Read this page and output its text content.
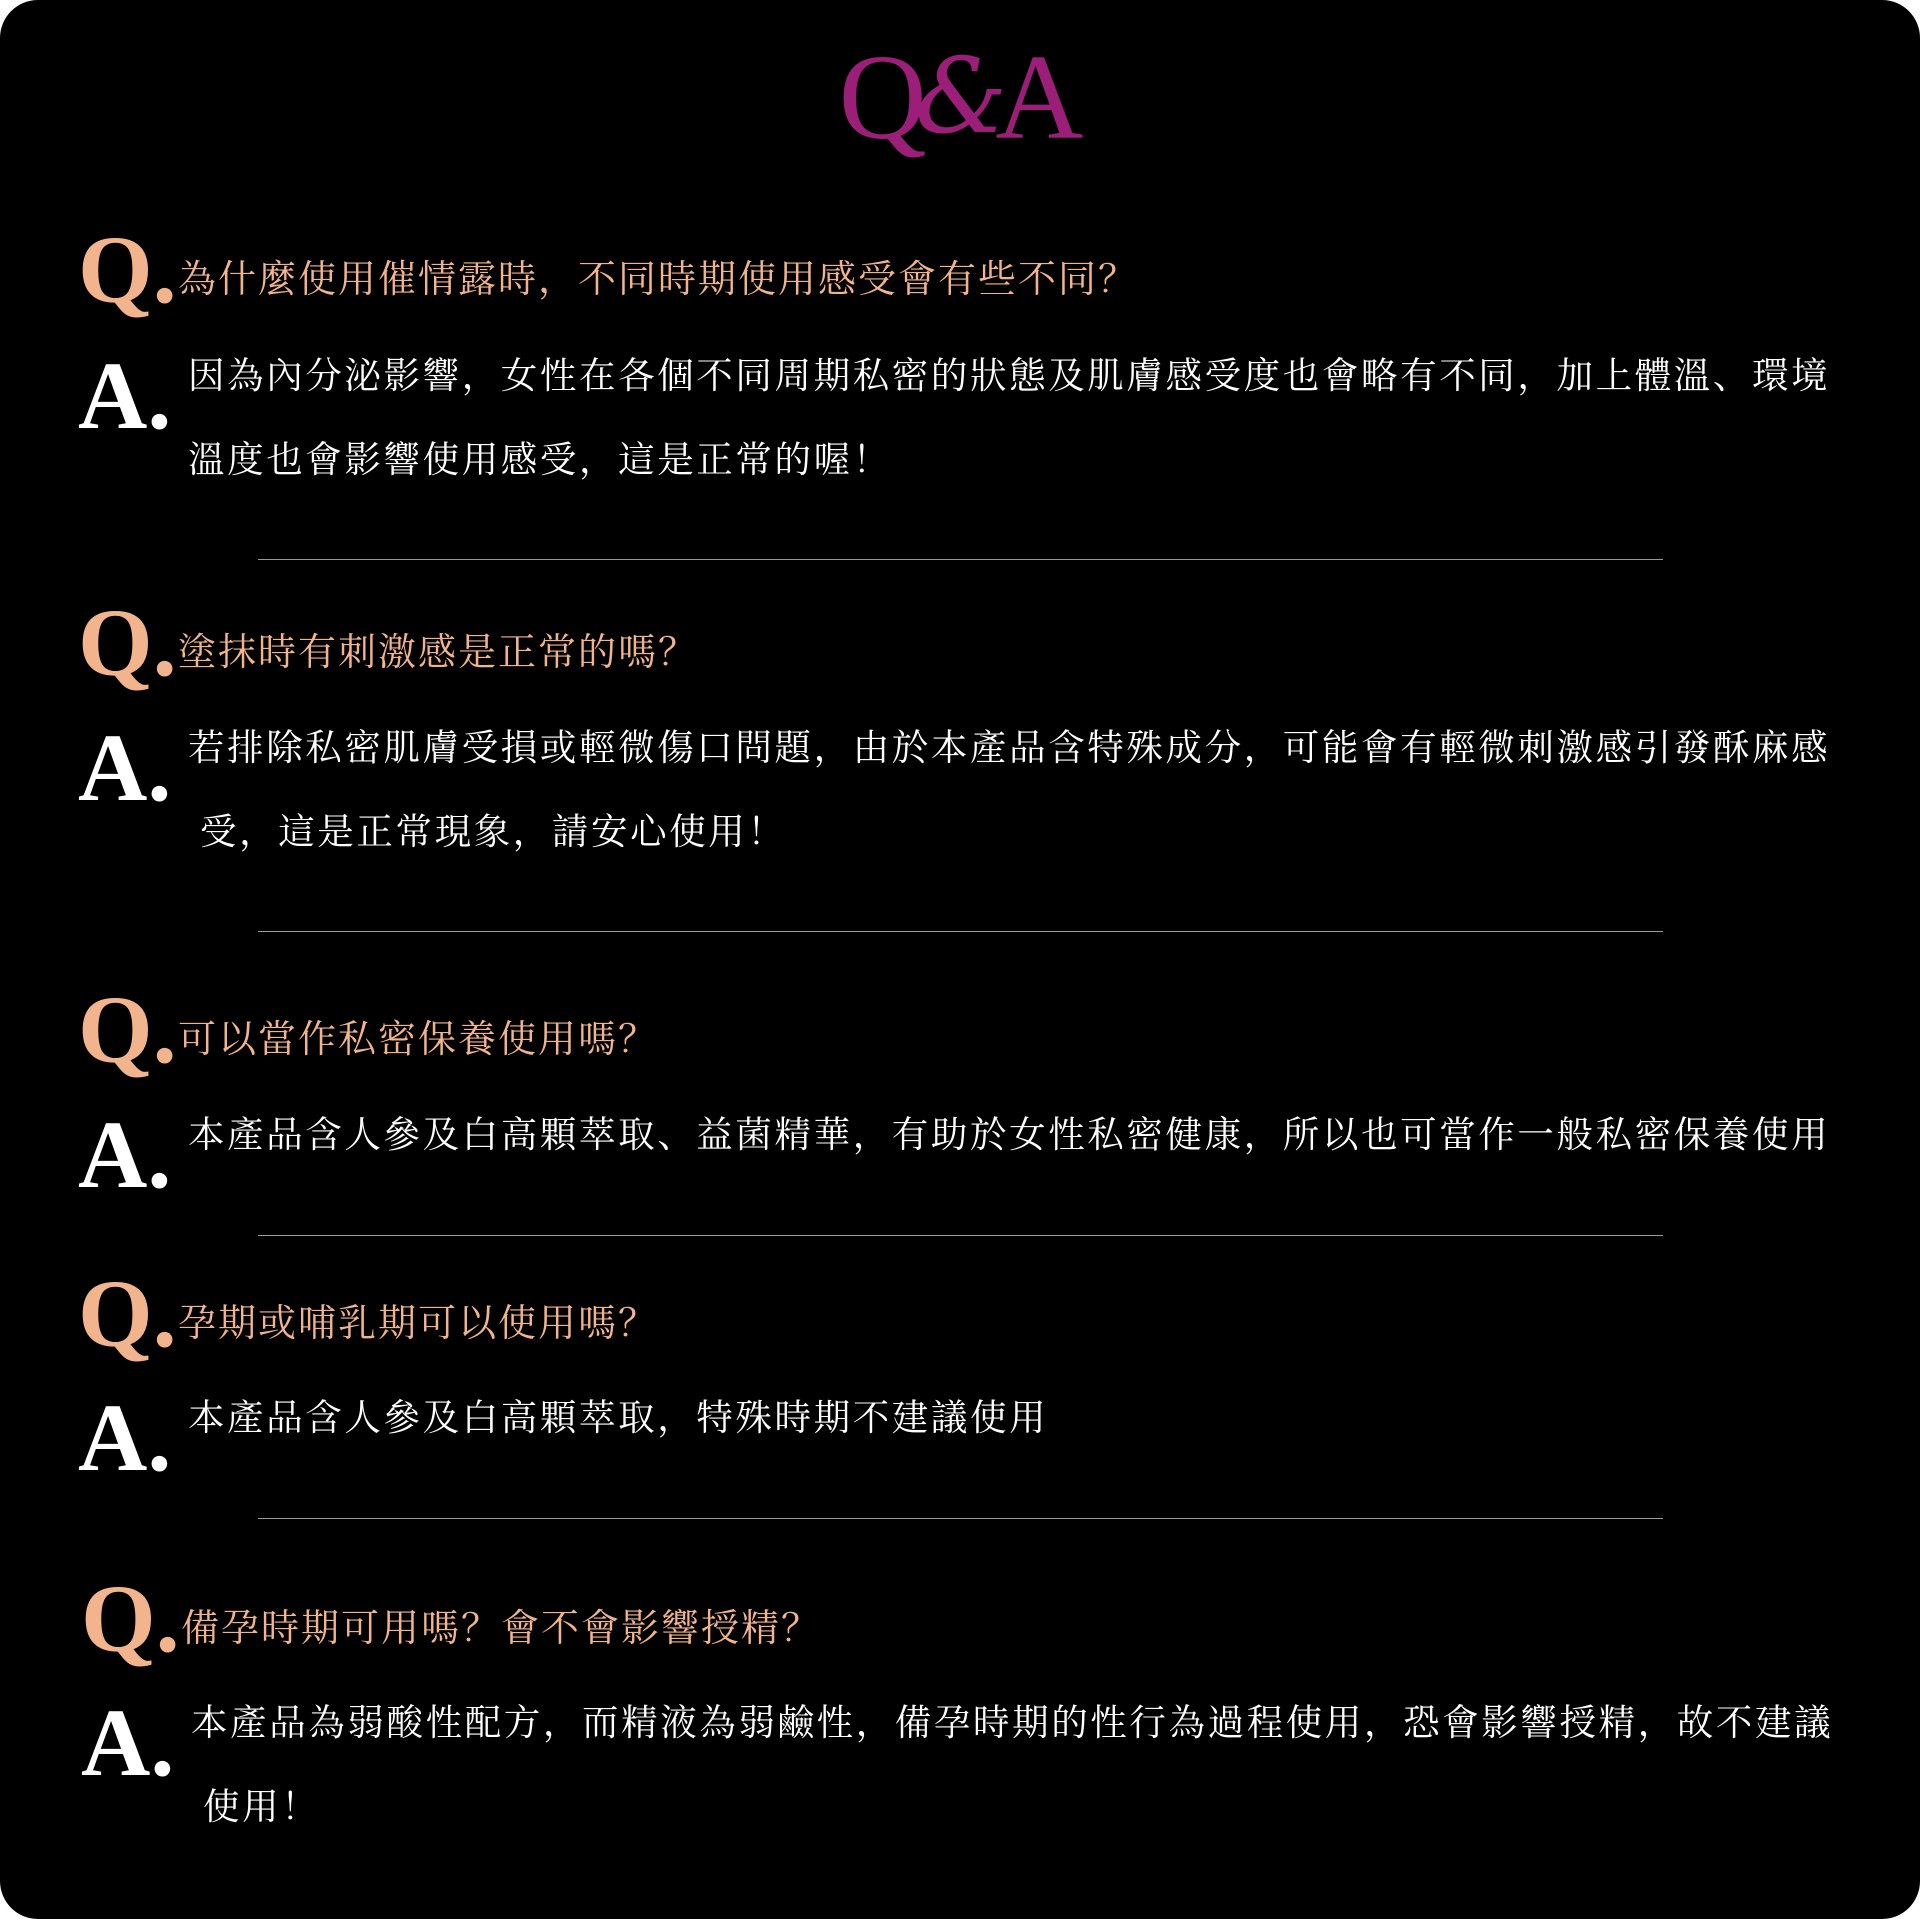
Q&A
Q. 為什麼使用催情露時，不同時期使用感受會有些不同？
A. 因為內分泌影響，女性在各個不同周期私密的狀態及肌膚感受度也會略有不同，加上體溫、環境
溫度也會影響使用感受，這是正常的喔！
Q. 塗抹時有刺激感是正常的嗎？
A. 若排除私密肌膚受損或輕微傷口問題，由於本產品含特殊成分，可能會有輕微刺激感引發酥麻感
受，這是正常現象，請安心使用！
Q. 可以當作私密保養使用嗎？
A. 本產品含人參及白高顆萃取、益菌精華，有助於女性私密健康，所以也可當作一般私密保養使用
Q. 孕期或哺乳期可以使用嗎？
A. 本產品含人參及白高顆萃取，特殊時期不建議使用
Q. 備孕時期可用嗎？會不會影響授精？
A. 本產品為弱酸性配方，而精液為弱鹼性，備孕時期的性行為過程使用，恐會影響授精，故不建議
使用！
